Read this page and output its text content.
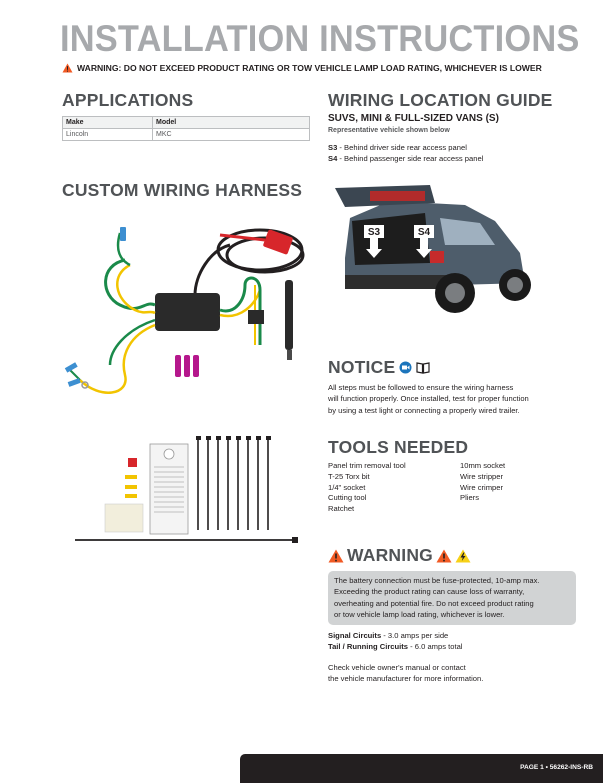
INSTALLATION INSTRUCTIONS
WARNING: DO NOT EXCEED PRODUCT RATING OR TOW VEHICLE LAMP LOAD RATING, WHICHEVER IS LOWER
APPLICATIONS
Make	Model
Lincoln	MKC
CUSTOM WIRING HARNESS
WIRING LOCATION GUIDE
SUVS, MINI & FULL-SIZED VANS (S)
Representative vehicle shown below
S3 - Behind driver side rear access panel
S4 - Behind passenger side rear access panel
S3	S4
NOTICE
All steps must be followed to ensure the wiring harness
will function properly. Once installed, test for proper function
by using a test light or connecting a properly wired trailer.
TOOLS NEEDED
Panel trim removal tool	10mm socket
T-25 Torx bit	Wire stripper
1/4" socket	Wire crimper
Cutting tool	Pliers
Ratchet
WARNING
The battery connection must be fuse-protected, 10-amp max.
Exceeding the product rating can cause loss of warranty,
overheating and potential fire. Do not exceed product rating
or tow vehicle lamp load rating, whichever is lower.
Signal Circuits - 3.0 amps per side
Tail / Running Circuits - 6.0 amps total
Check vehicle owner's manual or contact
the vehicle manufacturer for more information.
PAGE 1 • 56262-INS-RB
